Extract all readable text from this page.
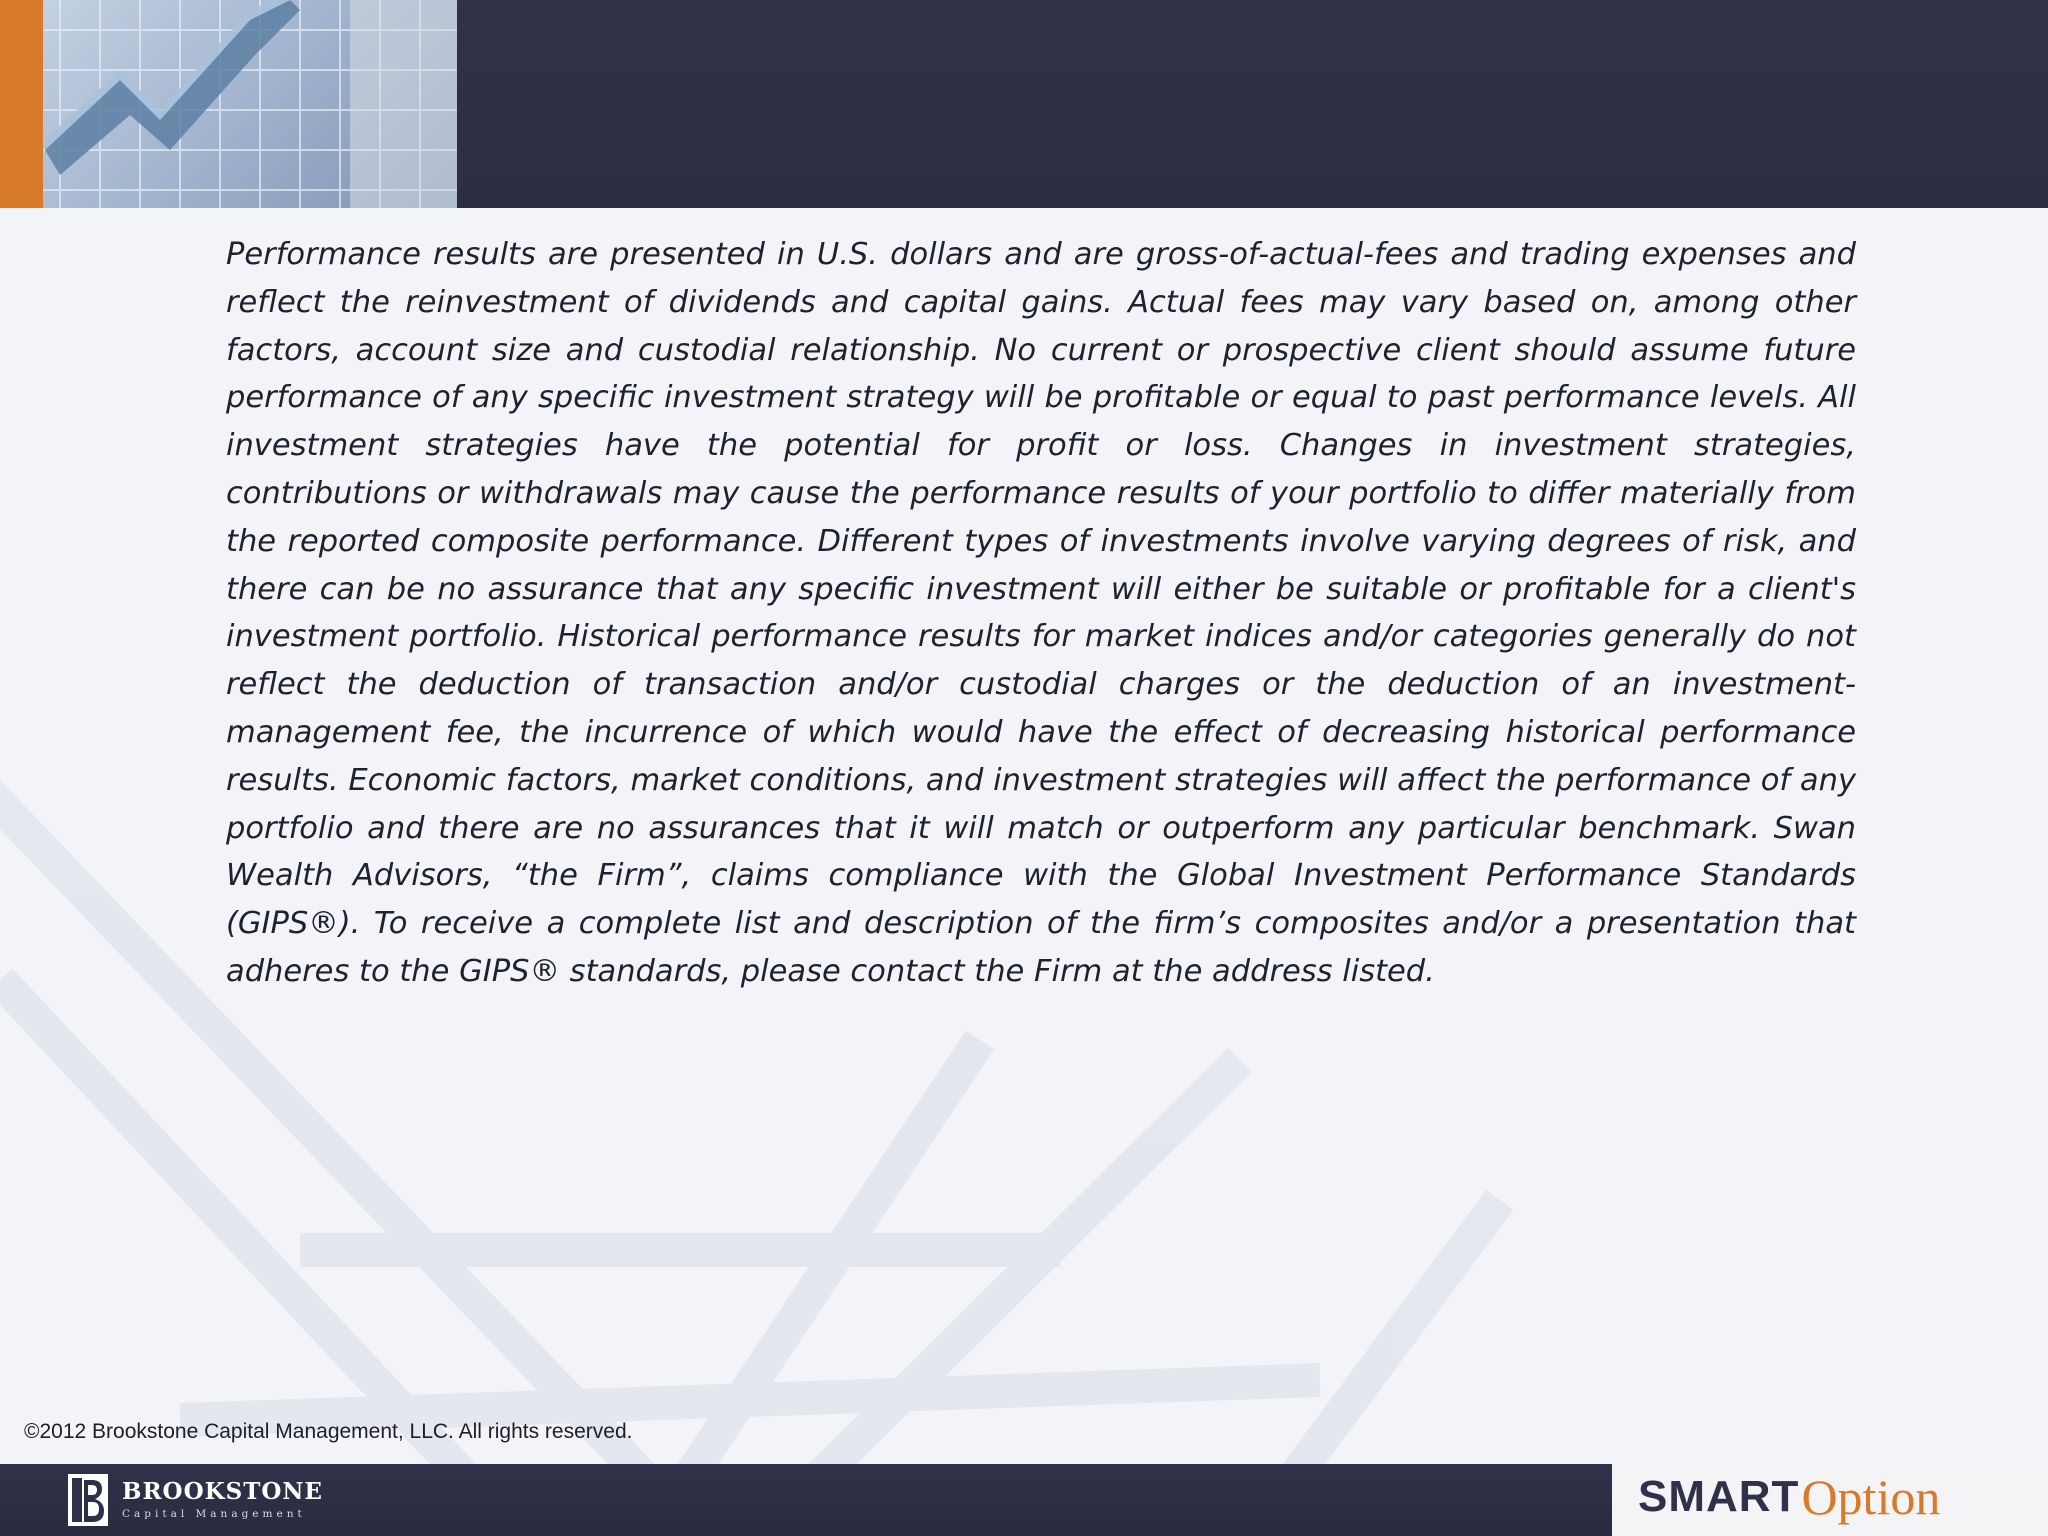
Performance results are presented in U.S. dollars and are gross-of-actual-fees and trading expenses and reflect the reinvestment of dividends and capital gains. Actual fees may vary based on, among other factors, account size and custodial relationship. No current or prospective client should assume future performance of any specific investment strategy will be profitable or equal to past performance levels. All investment strategies have the potential for profit or loss. Changes in investment strategies, contributions or withdrawals may cause the performance results of your portfolio to differ materially from the reported composite performance. Different types of investments involve varying degrees of risk, and there can be no assurance that any specific investment will either be suitable or profitable for a client's investment portfolio. Historical performance results for market indices and/or categories generally do not reflect the deduction of transaction and/or custodial charges or the deduction of an investment-management fee, the incurrence of which would have the effect of decreasing historical performance results. Economic factors, market conditions, and investment strategies will affect the performance of any portfolio and there are no assurances that it will match or outperform any particular benchmark. Swan Wealth Advisors, “the Firm”, claims compliance with the Global Investment Performance Standards (GIPS®). To receive a complete list and description of the firm’s composites and/or a presentation that adheres to the GIPS® standards, please contact the Firm at the address listed.

©2012 Brookstone Capital Management, LLC. All rights reserved.
BROOKSTONE
Capital Management	SMART Option
